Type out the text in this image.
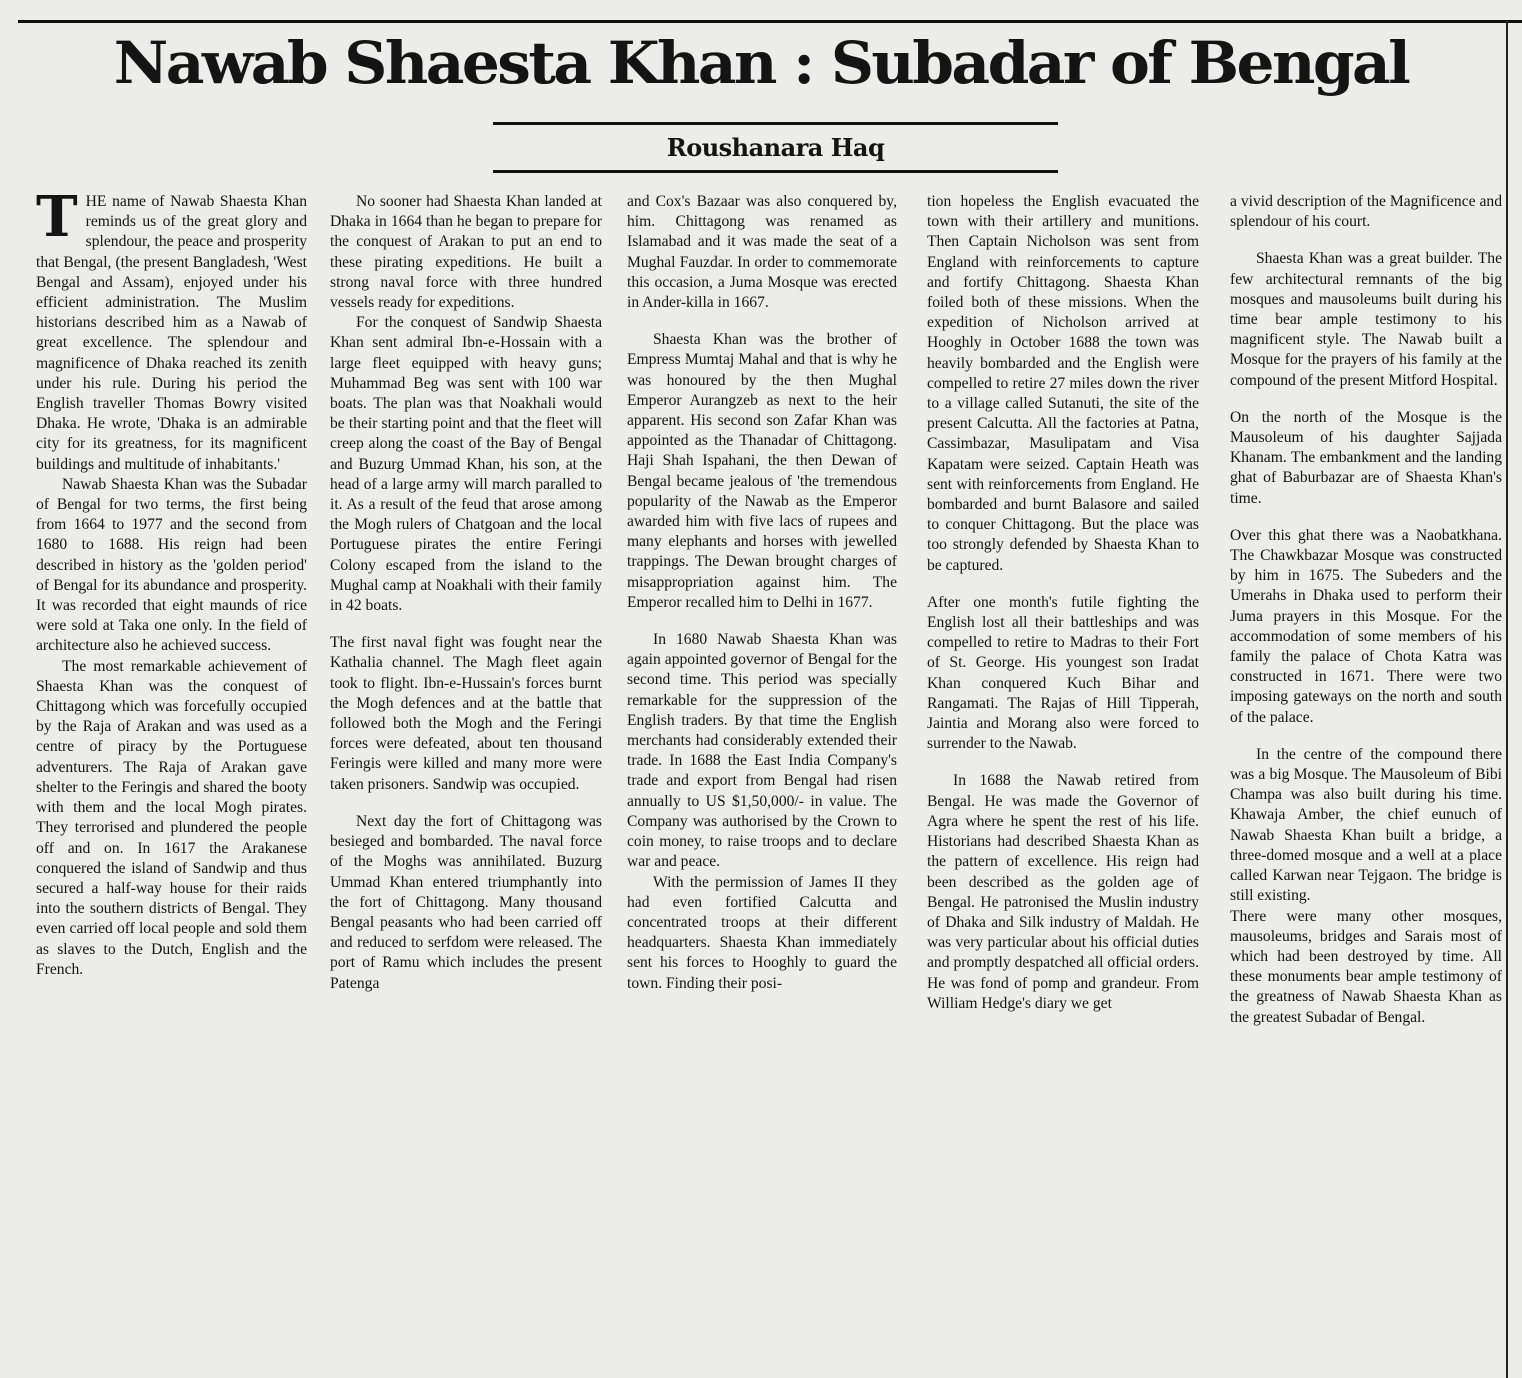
Nawab Shaesta Khan : Subadar of Bengal
Roushanara Haq

THE name of Nawab Shaesta Khan reminds us of the great glory and splendour, the peace and prosperity that Bengal, (the present Bangladesh, 'West Bengal and Assam), enjoyed under his efficient administration. The Muslim historians described him as a Nawab of great excellence. The splendour and magnificence of Dhaka reached its zenith under his rule. During his period the English traveller Thomas Bowry visited Dhaka. He wrote, 'Dhaka is an admirable city for its greatness, for its magnificent buildings and multitude of inhabitants.'

Nawab Shaesta Khan was the Subadar of Bengal for two terms, the first being from 1664 to 1977 and the second from 1680 to 1688. His reign had been described in history as the 'golden period' of Bengal for its abundance and prosperity. It was recorded that eight maunds of rice were sold at Taka one only. In the field of architecture also he achieved success.

The most remarkable achievement of Shaesta Khan was the conquest of Chittagong which was forcefully occupied by the Raja of Arakan and was used as a centre of piracy by the Portuguese adventurers. The Raja of Arakan gave shelter to the Feringis and shared the booty with them and the local Mogh pirates. They terrorised and plundered the people off and on. In 1617 the Arakanese conquered the island of Sandwip and thus secured a half-way house for their raids into the southern districts of Bengal. They even carried off local people and sold them as slaves to the Dutch, English and the French.

No sooner had Shaesta Khan landed at Dhaka in 1664 than he began to prepare for the conquest of Arakan to put an end to these pirating expeditions. He built a strong naval force with three hundred vessels ready for expeditions.

For the conquest of Sandwip Shaesta Khan sent admiral Ibn-e-Hossain with a large fleet equipped with heavy guns; Muhammad Beg was sent with 100 war boats. The plan was that Noakhali would be their starting point and that the fleet will creep along the coast of the Bay of Bengal and Buzurg Ummad Khan, his son, at the head of a large army will march paralled to it. As a result of the feud that arose among the Mogh rulers of Chatgoan and the local Portuguese pirates the entire Feringi Colony escaped from the island to the Mughal camp at Noakhali with their family in 42 boats.

The first naval fight was fought near the Kathalia channel. The Magh fleet again took to flight. Ibn-e-Hussain's forces burnt the Mogh defences and at the battle that followed both the Mogh and the Feringi forces were defeated, about ten thousand Feringis were killed and many more were taken prisoners. Sandwip was occupied.

Next day the fort of Chittagong was besieged and bombarded. The naval force of the Moghs was annihilated. Buzurg Ummad Khan entered triumphantly into the fort of Chittagong. Many thousand Bengal peasants who had been carried off and reduced to serfdom were released. The port of Ramu which includes the present Patenga

and Cox's Bazaar was also conquered by, him. Chittagong was renamed as Islamabad and it was made the seat of a Mughal Fauzdar. In order to commemorate this occasion, a Juma Mosque was erected in Ander-killa in 1667.

Shaesta Khan was the brother of Empress Mumtaj Mahal and that is why he was honoured by the then Mughal Emperor Aurangzeb as next to the heir apparent. His second son Zafar Khan was appointed as the Thanadar of Chittagong. Haji Shah Ispahani, the then Dewan of Bengal became jealous of 'the tremendous popularity of the Nawab as the Emperor awarded him with five lacs of rupees and many elephants and horses with jewelled trappings. The Dewan brought charges of misappropriation against him. The Emperor recalled him to Delhi in 1677.

In 1680 Nawab Shaesta Khan was again appointed governor of Bengal for the second time. This period was specially remarkable for the suppression of the English traders. By that time the English merchants had considerably extended their trade. In 1688 the East India Company's trade and export from Bengal had risen annually to US $1,50,000/- in value. The Company was authorised by the Crown to coin money, to raise troops and to declare war and peace.

With the permission of James II they had even fortified Calcutta and concentrated troops at their different headquarters. Shaesta Khan immediately sent his forces to Hooghly to guard the town. Finding their posi-

tion hopeless the English evacuated the town with their artillery and munitions. Then Captain Nicholson was sent from England with reinforcements to capture and fortify Chittagong. Shaesta Khan foiled both of these missions. When the expedition of Nicholson arrived at Hooghly in October 1688 the town was heavily bombarded and the English were compelled to retire 27 miles down the river to a village called Sutanuti, the site of the present Calcutta. All the factories at Patna, Cassimbazar, Masulipatam and Visa Kapatam were seized. Captain Heath was sent with reinforcements from England. He bombarded and burnt Balasore and sailed to conquer Chittagong. But the place was too strongly defended by Shaesta Khan to be captured.

After one month's futile fighting the English lost all their battleships and was compelled to retire to Madras to their Fort of St. George. His youngest son Iradat Khan conquered Kuch Bihar and Rangamati. The Rajas of Hill Tipperah, Jaintia and Morang also were forced to surrender to the Nawab.

In 1688 the Nawab retired from Bengal. He was made the Governor of Agra where he spent the rest of his life. Historians had described Shaesta Khan as the pattern of excellence. His reign had been described as the golden age of Bengal. He patronised the Muslin industry of Dhaka and Silk industry of Maldah. He was very particular about his official duties and promptly despatched all official orders. He was fond of pomp and grandeur. From William Hedge's diary we get

a vivid description of the Magnificence and splendour of his court.

Shaesta Khan was a great builder. The few architectural remnants of the big mosques and mausoleums built during his time bear ample testimony to his magnificent style. The Nawab built a Mosque for the prayers of his family at the compound of the present Mitford Hospital.

On the north of the Mosque is the Mausoleum of his daughter Sajjada Khanam. The embankment and the landing ghat of Baburbazar are of Shaesta Khan's time.

Over this ghat there was a Naobatkhana. The Chawkbazar Mosque was constructed by him in 1675. The Subeders and the Umerahs in Dhaka used to perform their Juma prayers in this Mosque. For the accommodation of some members of his family the palace of Chota Katra was constructed in 1671. There were two imposing gateways on the north and south of the palace.

In the centre of the compound there was a big Mosque. The Mausoleum of Bibi Champa was also built during his time. Khawaja Amber, the chief eunuch of Nawab Shaesta Khan built a bridge, a three-domed mosque and a well at a place called Karwan near Tejgaon. The bridge is still existing.

There were many other mosques, mausoleums, bridges and Sarais most of which had been destroyed by time. All these monuments bear ample testimony of the greatness of Nawab Shaesta Khan as the greatest Subadar of Bengal.
